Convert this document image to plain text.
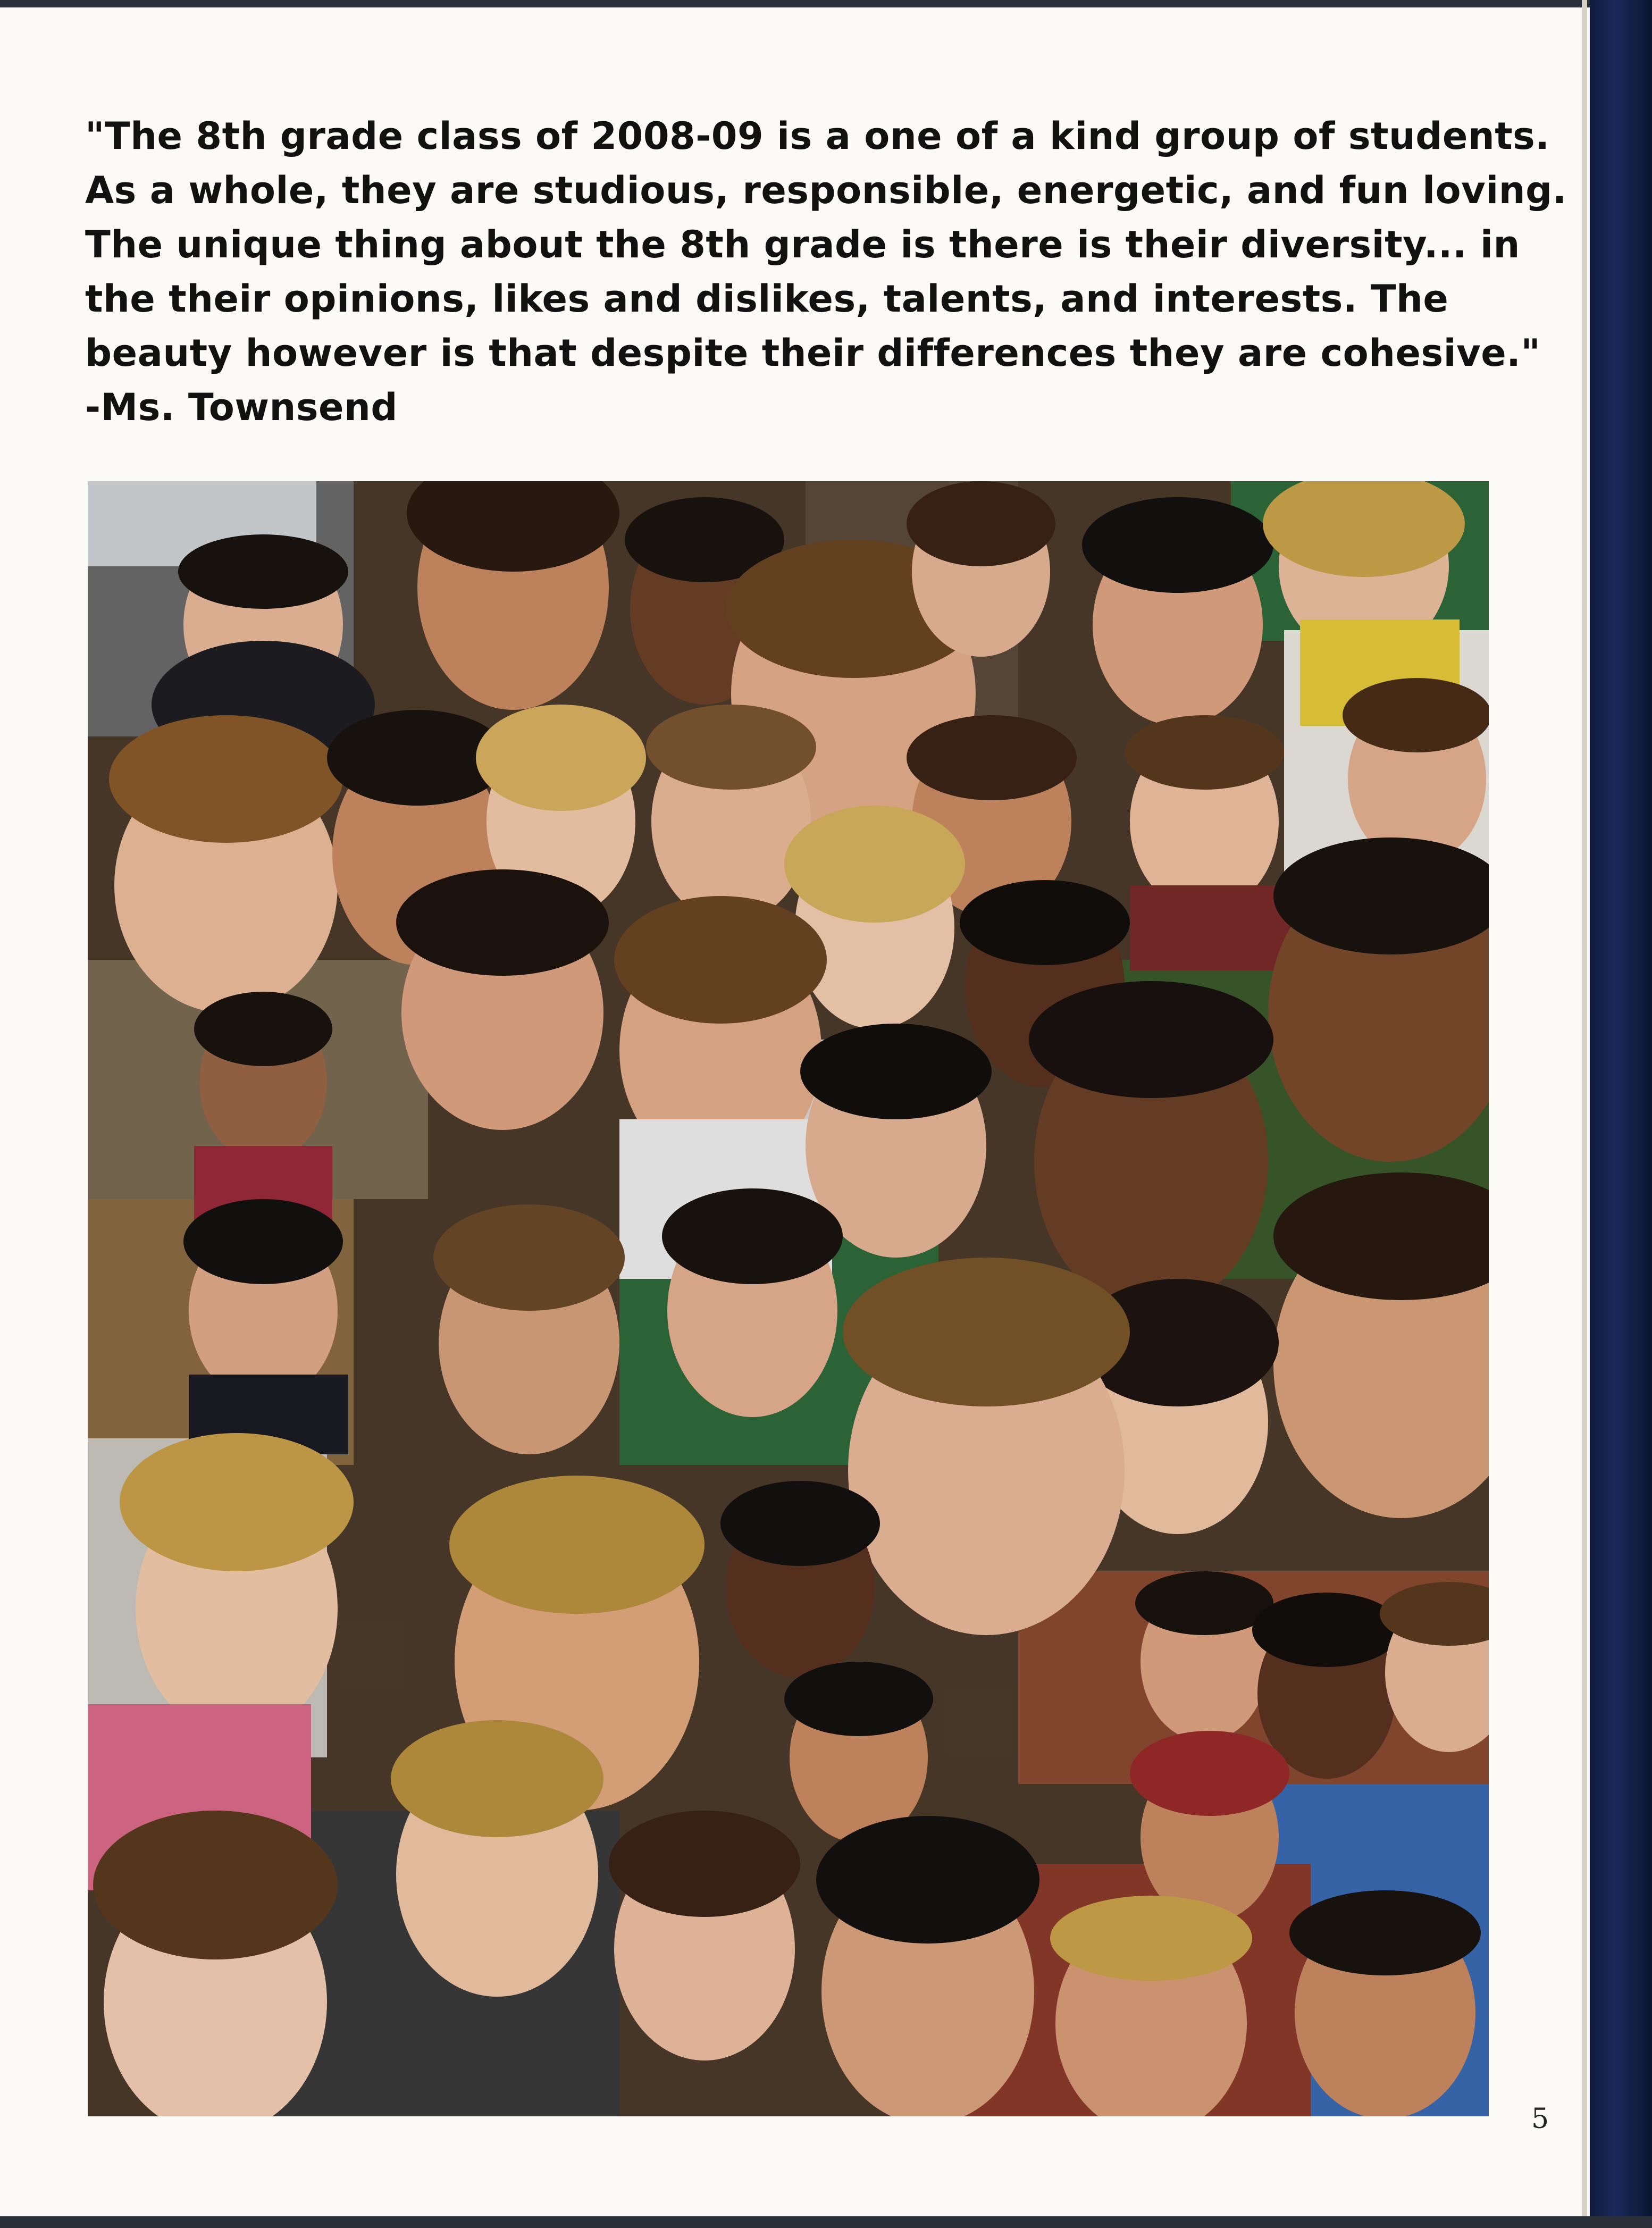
"The 8th grade class of 2008-09 is a one of a kind group of students.
As a whole, they are studious, responsible, energetic, and fun loving.
The unique thing about the 8th grade is there is their diversity... in
the their opinions, likes and dislikes, talents, and interests. The
beauty however is that despite their differences they are cohesive."
-Ms. Townsend
5
